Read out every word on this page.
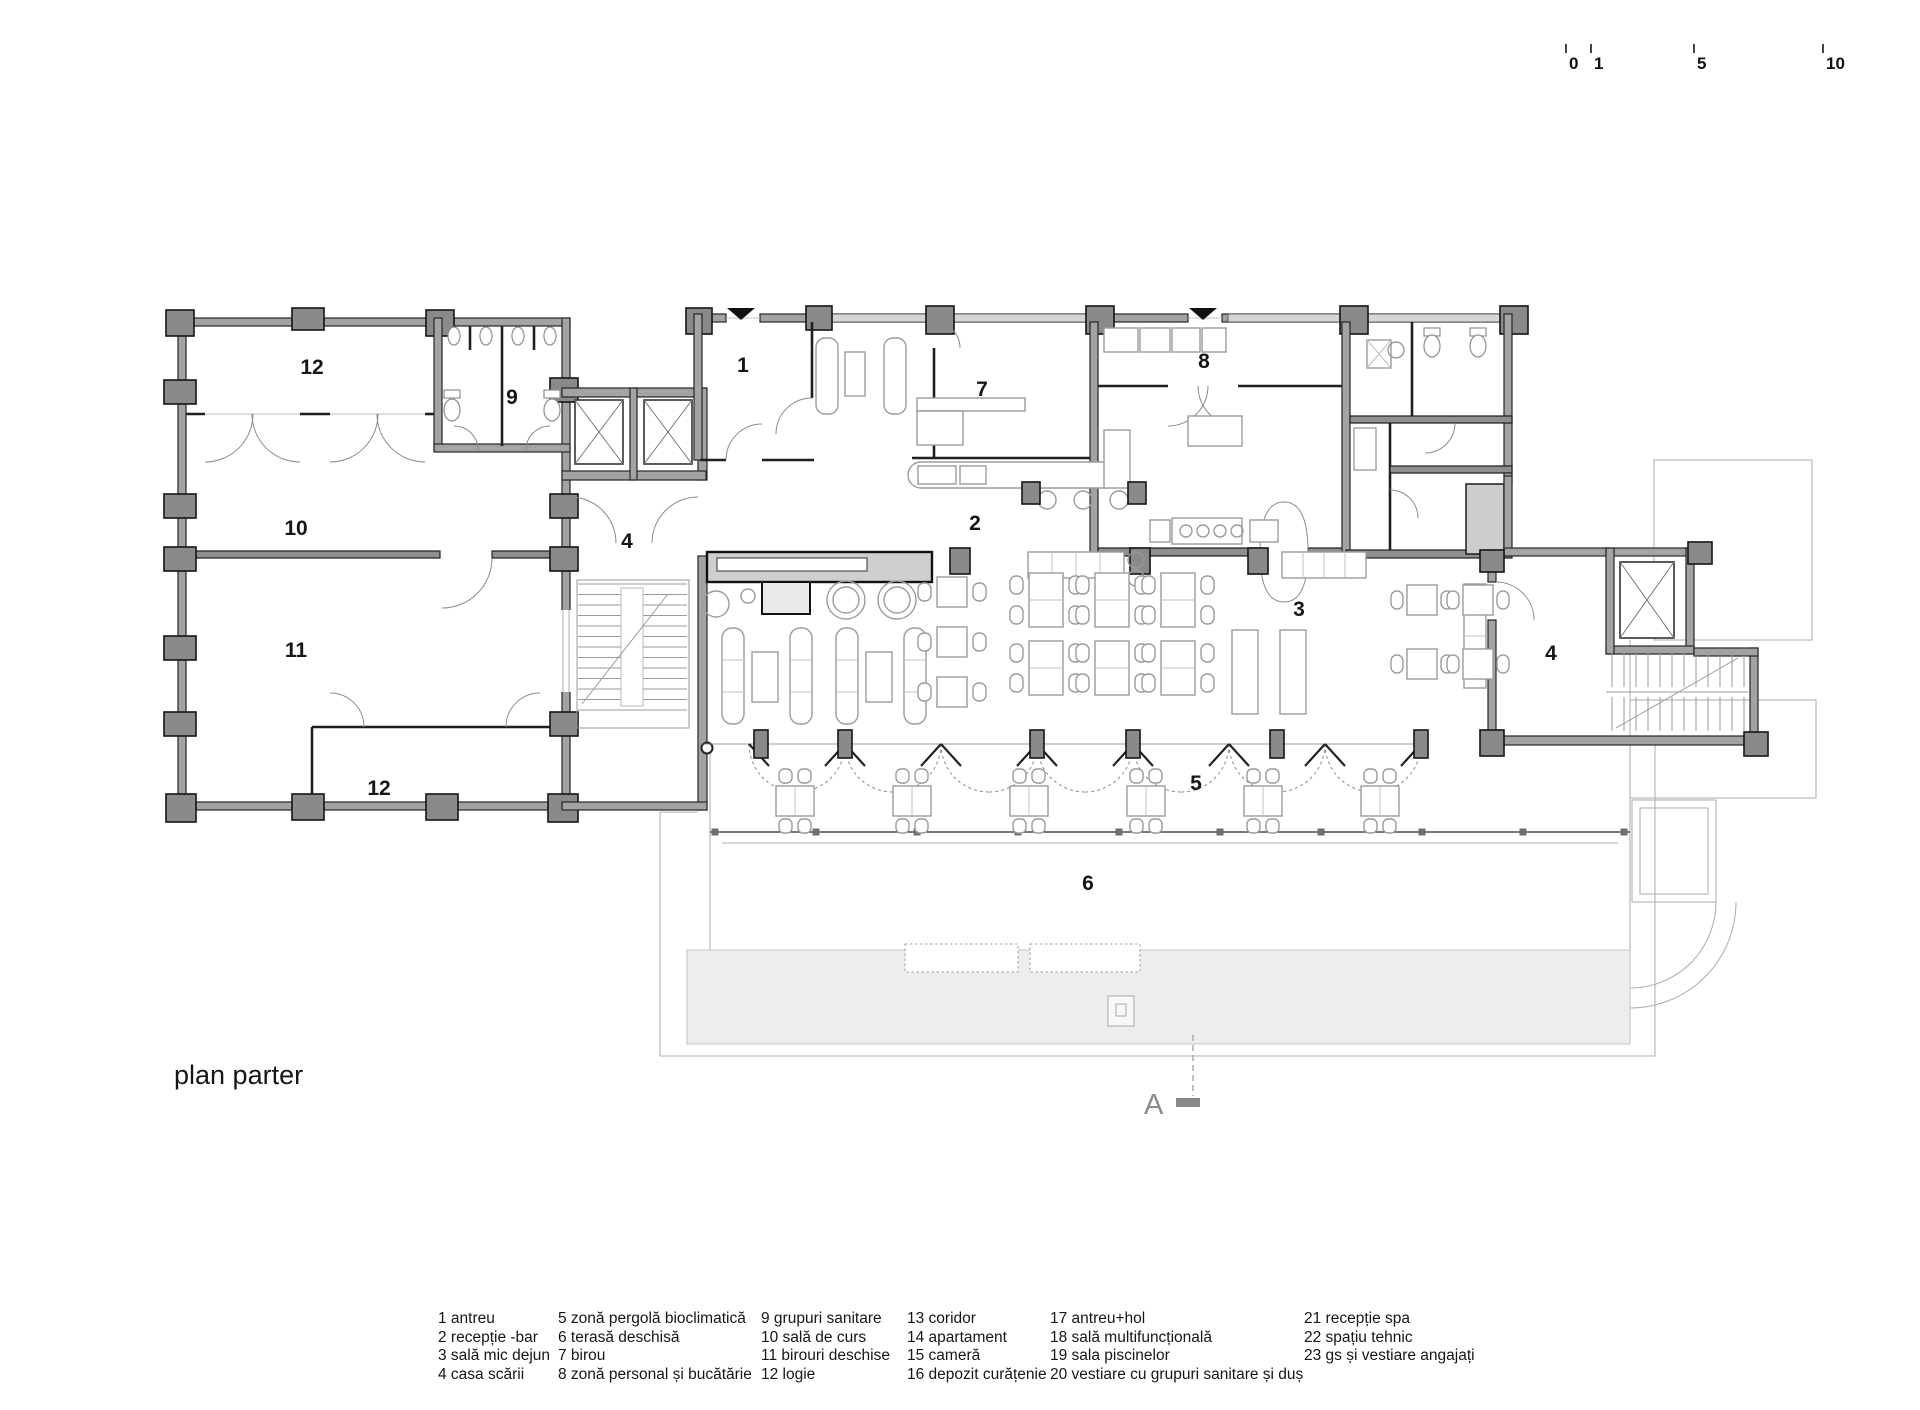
A
12
9
10
11
12
1
7
8
2
4
3
4
5
6
plan parter
0 1	5	10
1 antreu
2 recepție -bar
3 sală mic dejun
4 casa scării
5 zonă pergolă bioclimatică
6 terasă deschisă
7 birou
8 zonă personal și bucătărie
9 grupuri sanitare
10 sală de curs
11 birouri deschise
12 logie
13 coridor
14 apartament
15 cameră
16 depozit curățenie
17 antreu+hol
18 sală multifuncțională
19 sala piscinelor
20 vestiare cu grupuri sanitare și duș
21 recepție spa
22 spațiu tehnic
23 gs și vestiare angajați
